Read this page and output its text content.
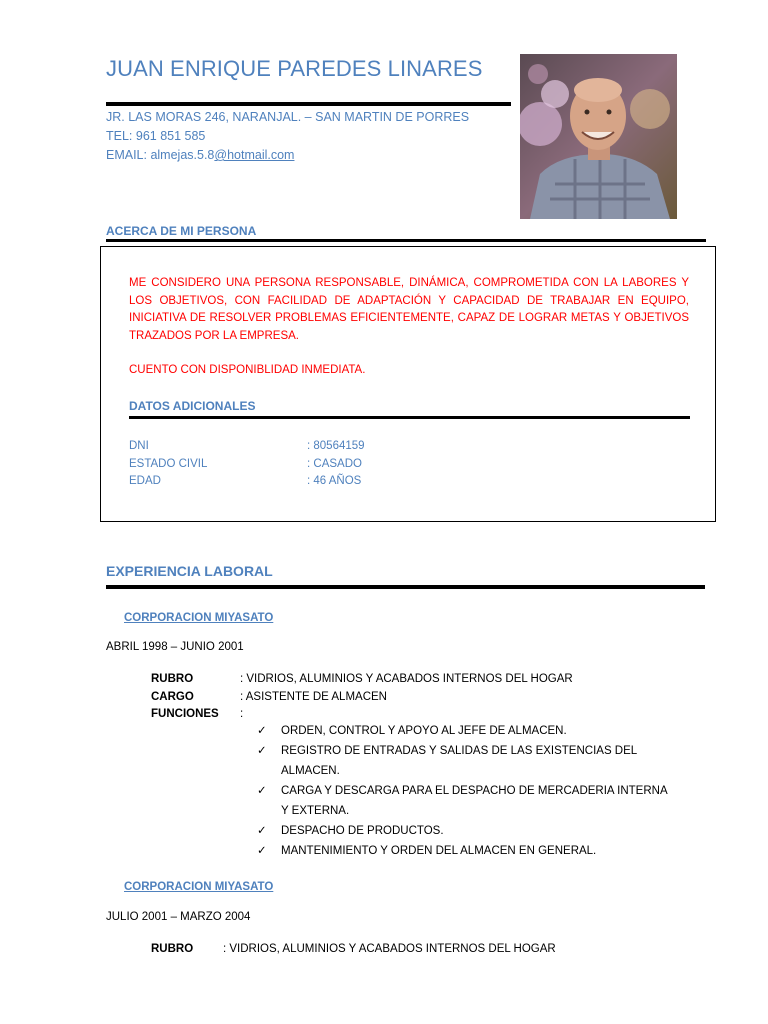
JUAN ENRIQUE PAREDES LINARES
JR. LAS MORAS 246, NARANJAL. – SAN MARTIN DE PORRES
TEL: 961 851 585
EMAIL: almejas.5.8@hotmail.com
ACERCA DE MI PERSONA
ME CONSIDERO UNA PERSONA RESPONSABLE, DINÁMICA, COMPROMETIDA CON LA LABORES Y LOS OBJETIVOS, CON FACILIDAD DE ADAPTACIÓN Y CAPACIDAD DE TRABAJAR EN EQUIPO, INICIATIVA DE RESOLVER PROBLEMAS EFICIENTEMENTE, CAPAZ DE LOGRAR METAS Y OBJETIVOS TRAZADOS POR LA EMPRESA.
CUENTO CON DISPONIBLIDAD INMEDIATA.
DATOS ADICIONALES
DNI	: 80564159
ESTADO CIVIL	: CASADO
EDAD	: 46 AÑOS
EXPERIENCIA LABORAL
CORPORACION MIYASATO
ABRIL 1998 – JUNIO 2001
RUBRO	: VIDRIOS, ALUMINIOS Y ACABADOS INTERNOS DEL HOGAR
CARGO	: ASISTENTE DE ALMACEN
FUNCIONES	:
✓	ORDEN, CONTROL Y APOYO AL JEFE DE ALMACEN.
✓	REGISTRO DE ENTRADAS Y SALIDAS DE LAS EXISTENCIAS DEL ALMACEN.
✓	CARGA Y DESCARGA PARA EL DESPACHO DE MERCADERIA INTERNA Y EXTERNA.
✓	DESPACHO DE PRODUCTOS.
✓	MANTENIMIENTO Y ORDEN DEL ALMACEN EN GENERAL.
CORPORACION MIYASATO
JULIO 2001 – MARZO 2004
RUBRO	: VIDRIOS, ALUMINIOS Y ACABADOS INTERNOS DEL HOGAR
